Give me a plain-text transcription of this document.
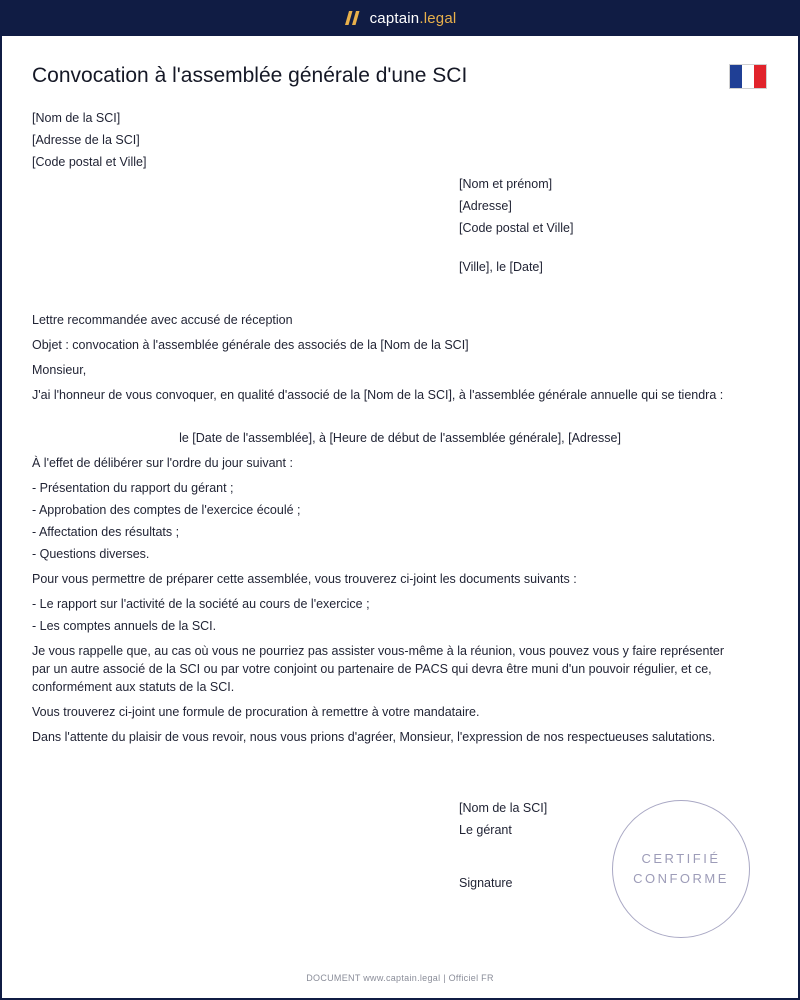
captain.legal
Convocation à l'assemblée générale d'une SCI
[Nom de la SCI]
[Adresse de la SCI]
[Code postal et Ville]
[Nom et prénom]
[Adresse]
[Code postal et Ville]
[Ville], le [Date]
Lettre recommandée avec accusé de réception
Objet : convocation à l'assemblée générale des associés de la [Nom de la SCI]
Monsieur,
J'ai l'honneur de vous convoquer, en qualité d'associé de la [Nom de la SCI], à l'assemblée générale annuelle qui se tiendra :
le [Date de l'assemblée], à [Heure de début de l'assemblée générale], [Adresse]
À l'effet de délibérer sur l'ordre du jour suivant :
- Présentation du rapport du gérant ;
- Approbation des comptes de l'exercice écoulé ;
- Affectation des résultats ;
- Questions diverses.
Pour vous permettre de préparer cette assemblée, vous trouverez ci-joint les documents suivants :
- Le rapport sur l'activité de la société au cours de l'exercice ;
- Les comptes annuels de la SCI.
Je vous rappelle que, au cas où vous ne pourriez pas assister vous-même à la réunion, vous pouvez vous y faire représenter par un autre associé de la SCI ou par votre conjoint ou partenaire de PACS qui devra être muni d'un pouvoir régulier, et ce, conformément aux statuts de la SCI.
Vous trouverez ci-joint une formule de procuration à remettre à votre mandataire.
Dans l'attente du plaisir de vous revoir, nous vous prions d'agréer, Monsieur, l'expression de nos respectueuses salutations.
[Nom de la SCI]
Le gérant
Signature
CERTIFIÉ
CONFORME
DOCUMENT www.captain.legal | Officiel FR
